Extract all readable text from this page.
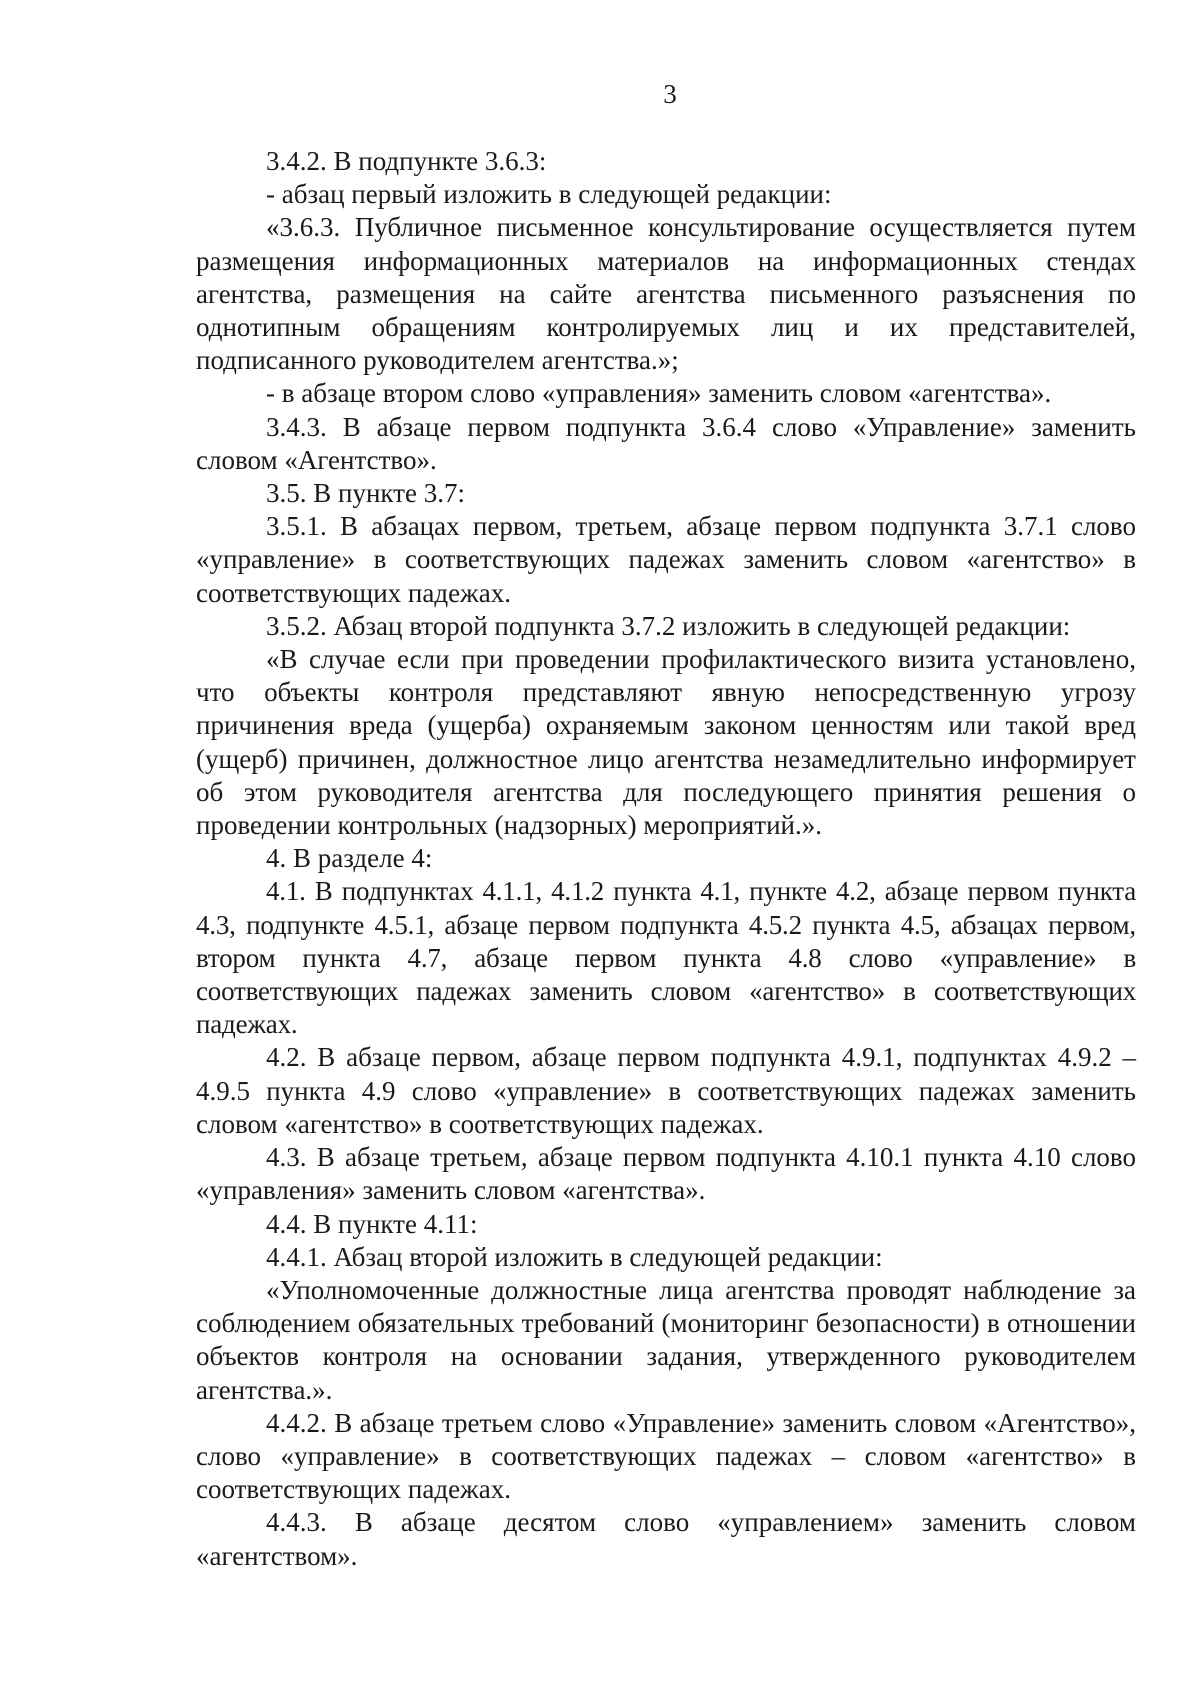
3

3.4.2. В подпункте 3.6.3:

- абзац первый изложить в следующей редакции:

«3.6.3. Публичное письменное консультирование осуществляется путем размещения информационных материалов на информационных стендах агентства, размещения на сайте агентства письменного разъяснения по однотипным обращениям контролируемых лиц и их представителей, подписанного руководителем агентства.»;

- в абзаце втором слово «управления» заменить словом «агентства».

3.4.3. В абзаце первом подпункта 3.6.4 слово «Управление» заменить словом «Агентство».

3.5. В пункте 3.7:

3.5.1. В абзацах первом, третьем, абзаце первом подпункта 3.7.1 слово «управление» в соответствующих падежах заменить словом «агентство» в соответствующих падежах.

3.5.2. Абзац второй подпункта 3.7.2 изложить в следующей редакции:

«В случае если при проведении профилактического визита установлено, что объекты контроля представляют явную непосредственную угрозу причинения вреда (ущерба) охраняемым законом ценностям или такой вред (ущерб) причинен, должностное лицо агентства незамедлительно информирует об этом руководителя агентства для последующего принятия решения о проведении контрольных (надзорных) мероприятий.».

4. В разделе 4:

4.1. В подпунктах 4.1.1, 4.1.2 пункта 4.1, пункте 4.2, абзаце первом пункта 4.3, подпункте 4.5.1, абзаце первом подпункта 4.5.2 пункта 4.5, абзацах первом, втором пункта 4.7, абзаце первом пункта 4.8 слово «управление» в соответствующих падежах заменить словом «агентство» в соответствующих падежах.

4.2. В абзаце первом, абзаце первом подпункта 4.9.1, подпунктах 4.9.2 – 4.9.5 пункта 4.9 слово «управление» в соответствующих падежах заменить словом «агентство» в соответствующих падежах.

4.3. В абзаце третьем, абзаце первом подпункта 4.10.1 пункта 4.10 слово «управления» заменить словом «агентства».

4.4. В пункте 4.11:

4.4.1. Абзац второй изложить в следующей редакции:

«Уполномоченные должностные лица агентства проводят наблюдение за соблюдением обязательных требований (мониторинг безопасности) в отношении объектов контроля на основании задания, утвержденного руководителем агентства.».

4.4.2. В абзаце третьем слово «Управление» заменить словом «Агентство», слово «управление» в соответствующих падежах – словом «агентство» в соответствующих падежах.

4.4.3. В абзаце десятом слово «управлением» заменить словом «агентством».
